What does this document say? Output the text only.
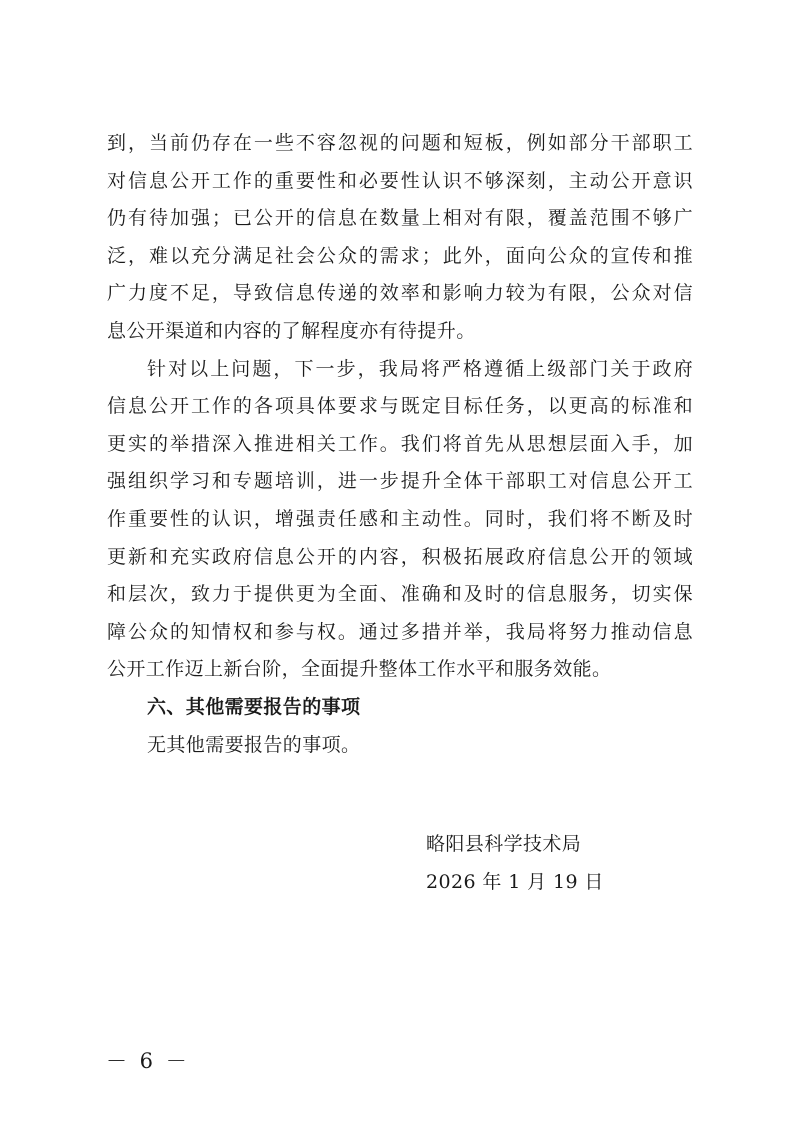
到，当前仍存在一些不容忽视的问题和短板，例如部分干部职工
对信息公开工作的重要性和必要性认识不够深刻，主动公开意识
仍有待加强；已公开的信息在数量上相对有限，覆盖范围不够广
泛，难以充分满足社会公众的需求；此外，面向公众的宣传和推
广力度不足，导致信息传递的效率和影响力较为有限，公众对信
息公开渠道和内容的了解程度亦有待提升。
针对以上问题，下一步，我局将严格遵循上级部门关于政府
信息公开工作的各项具体要求与既定目标任务，以更高的标准和
更实的举措深入推进相关工作。我们将首先从思想层面入手，加
强组织学习和专题培训，进一步提升全体干部职工对信息公开工
作重要性的认识，增强责任感和主动性。同时，我们将不断及时
更新和充实政府信息公开的内容，积极拓展政府信息公开的领域
和层次，致力于提供更为全面、准确和及时的信息服务，切实保
障公众的知情权和参与权。通过多措并举，我局将努力推动信息
公开工作迈上新台阶，全面提升整体工作水平和服务效能。
六、其他需要报告的事项
无其他需要报告的事项。
略阳县科学技术局
2026 年 1 月 19 日
－ 6 －
